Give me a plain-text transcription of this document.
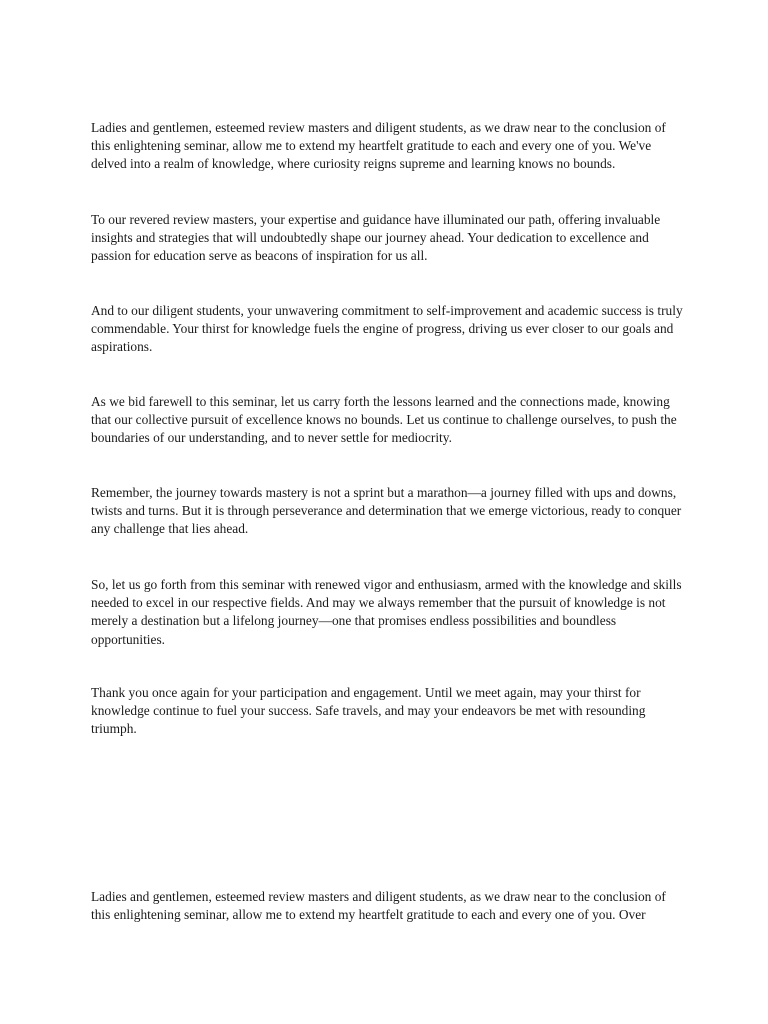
Ladies and gentlemen, esteemed review masters and diligent students, as we draw near to the conclusion of this enlightening seminar, allow me to extend my heartfelt gratitude to each and every one of you. We've delved into a realm of knowledge, where curiosity reigns supreme and learning knows no bounds.

To our revered review masters, your expertise and guidance have illuminated our path, offering invaluable insights and strategies that will undoubtedly shape our journey ahead. Your dedication to excellence and passion for education serve as beacons of inspiration for us all.

And to our diligent students, your unwavering commitment to self-improvement and academic success is truly commendable. Your thirst for knowledge fuels the engine of progress, driving us ever closer to our goals and aspirations.

As we bid farewell to this seminar, let us carry forth the lessons learned and the connections made, knowing that our collective pursuit of excellence knows no bounds. Let us continue to challenge ourselves, to push the boundaries of our understanding, and to never settle for mediocrity.

Remember, the journey towards mastery is not a sprint but a marathon—a journey filled with ups and downs, twists and turns. But it is through perseverance and determination that we emerge victorious, ready to conquer any challenge that lies ahead.

So, let us go forth from this seminar with renewed vigor and enthusiasm, armed with the knowledge and skills needed to excel in our respective fields. And may we always remember that the pursuit of knowledge is not merely a destination but a lifelong journey—one that promises endless possibilities and boundless opportunities.

Thank you once again for your participation and engagement. Until we meet again, may your thirst for knowledge continue to fuel your success. Safe travels, and may your endeavors be met with resounding triumph.

Ladies and gentlemen, esteemed review masters and diligent students, as we draw near to the conclusion of this enlightening seminar, allow me to extend my heartfelt gratitude to each and every one of you. Over
